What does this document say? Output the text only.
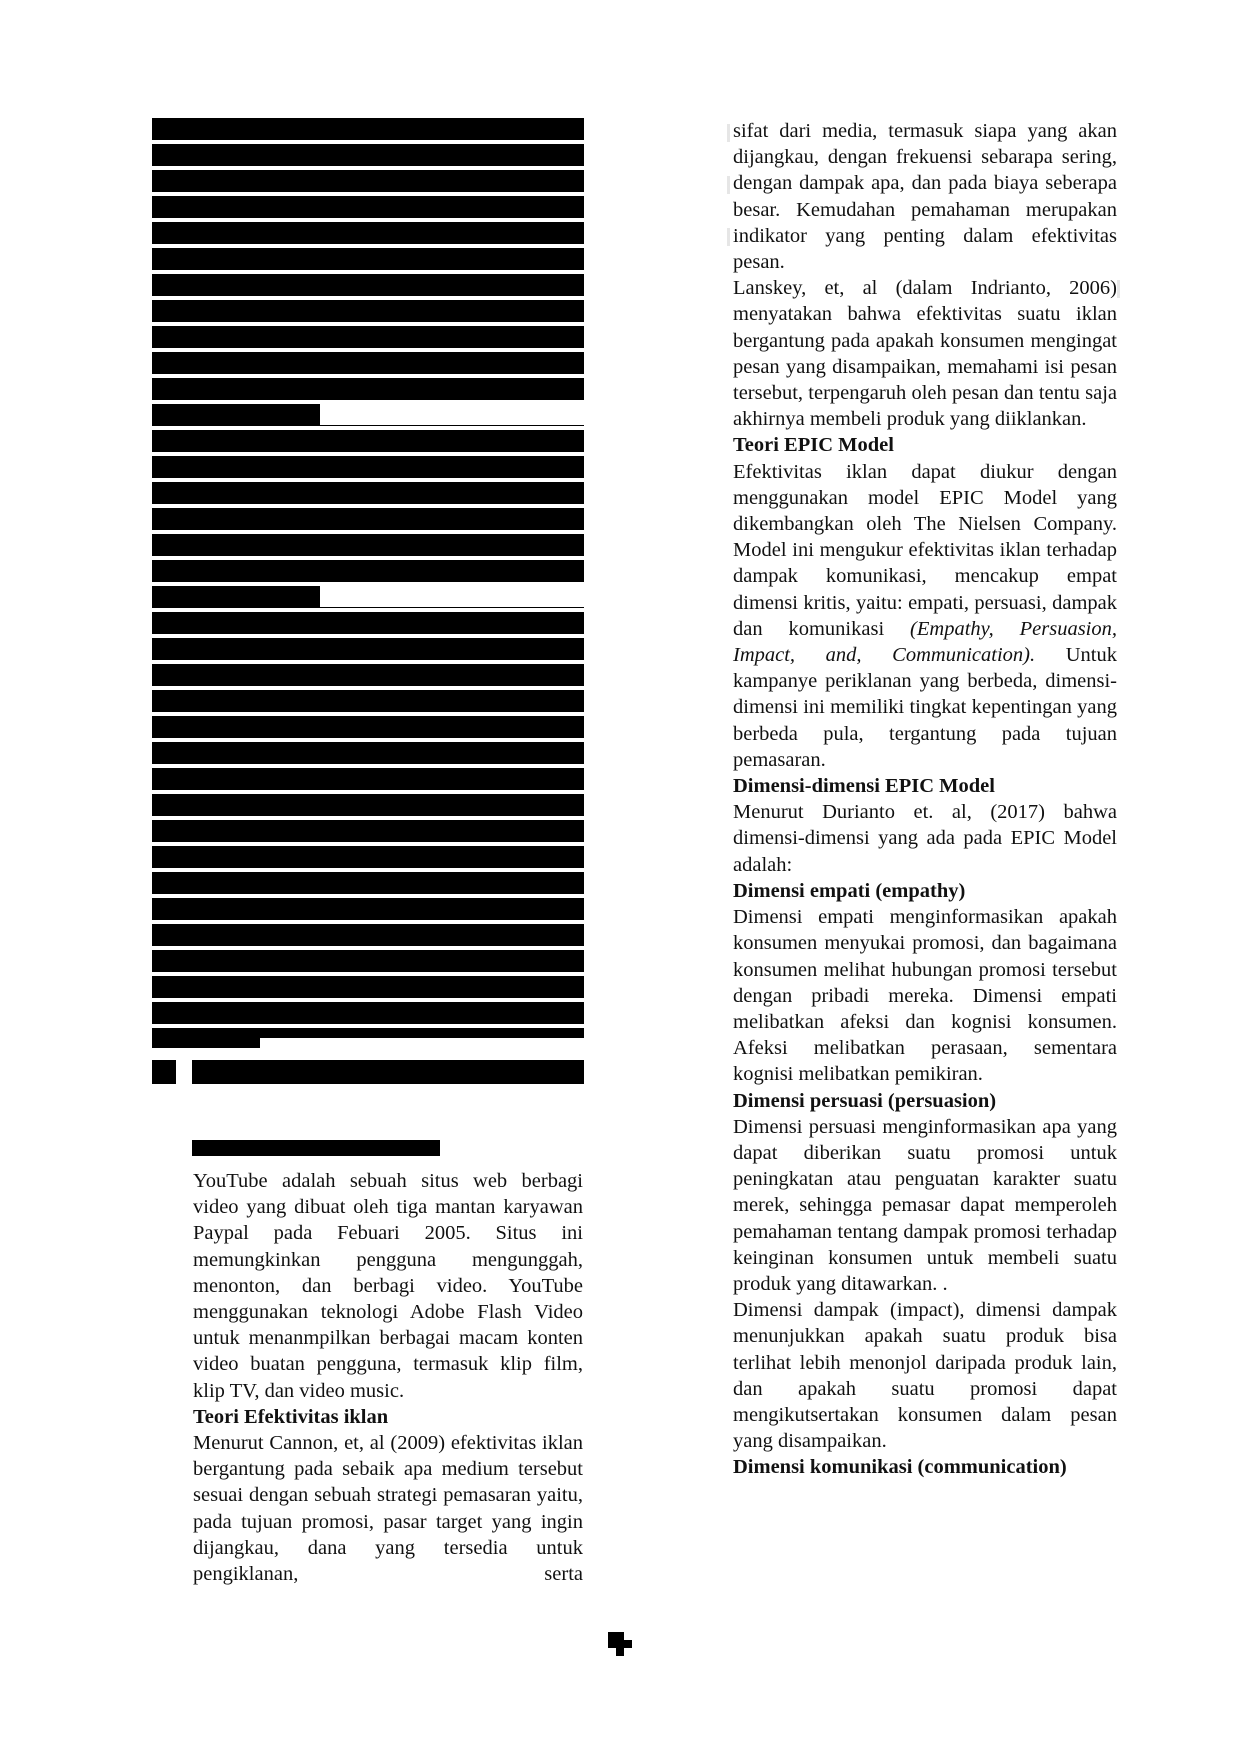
YouTube adalah sebuah situs web berbagi video yang dibuat oleh tiga mantan karyawan Paypal pada Febuari 2005. Situs ini memungkinkan pengguna mengunggah, menonton, dan berbagi video. YouTube menggunakan teknologi Adobe Flash Video untuk menanmpilkan berbagai macam konten video buatan pengguna, termasuk klip film, klip TV, dan video music.

Teori Efektivitas iklan

Menurut Cannon, et, al (2009) efektivitas iklan bergantung pada sebaik apa medium tersebut sesuai dengan sebuah strategi pemasaran yaitu, pada tujuan promosi, pasar target yang ingin dijangkau, dana yang tersedia untuk pengiklanan, serta

sifat dari media, termasuk siapa yang akan dijangkau, dengan frekuensi sebarapa sering, dengan dampak apa, dan pada biaya seberapa besar. Kemudahan pemahaman merupakan indikator yang penting dalam efektivitas pesan.

Lanskey, et, al (dalam Indrianto, 2006) menyatakan bahwa efektivitas suatu iklan bergantung pada apakah konsumen mengingat pesan yang disampaikan, memahami isi pesan tersebut, terpengaruh oleh pesan dan tentu saja akhirnya membeli produk yang diiklankan.

Teori EPIC Model

Efektivitas iklan dapat diukur dengan menggunakan model EPIC Model yang dikembangkan oleh The Nielsen Company. Model ini mengukur efektivitas iklan terhadap dampak komunikasi, mencakup empat dimensi kritis, yaitu: empati, persuasi, dampak dan komunikasi (Empathy, Persuasion, Impact, and, Communication). Untuk kampanye periklanan yang berbeda, dimensi-dimensi ini memiliki tingkat kepentingan yang berbeda pula, tergantung pada tujuan pemasaran.

Dimensi-dimensi EPIC Model

Menurut Durianto et. al, (2017) bahwa dimensi-dimensi yang ada pada EPIC Model adalah:

Dimensi empati (empathy)

Dimensi empati menginformasikan apakah konsumen menyukai promosi, dan bagaimana konsumen melihat hubungan promosi tersebut dengan pribadi mereka. Dimensi empati melibatkan afeksi dan kognisi konsumen. Afeksi melibatkan perasaan, sementara kognisi melibatkan pemikiran.

Dimensi persuasi (persuasion)

Dimensi persuasi menginformasikan apa yang dapat diberikan suatu promosi untuk peningkatan atau penguatan karakter suatu merek, sehingga pemasar dapat memperoleh pemahaman tentang dampak promosi terhadap keinginan konsumen untuk membeli suatu produk yang ditawarkan. .

Dimensi dampak (impact), dimensi dampak menunjukkan apakah suatu produk bisa terlihat lebih menonjol daripada produk lain, dan apakah suatu promosi dapat mengikutsertakan konsumen dalam pesan yang disampaikan.

Dimensi komunikasi (communication)
